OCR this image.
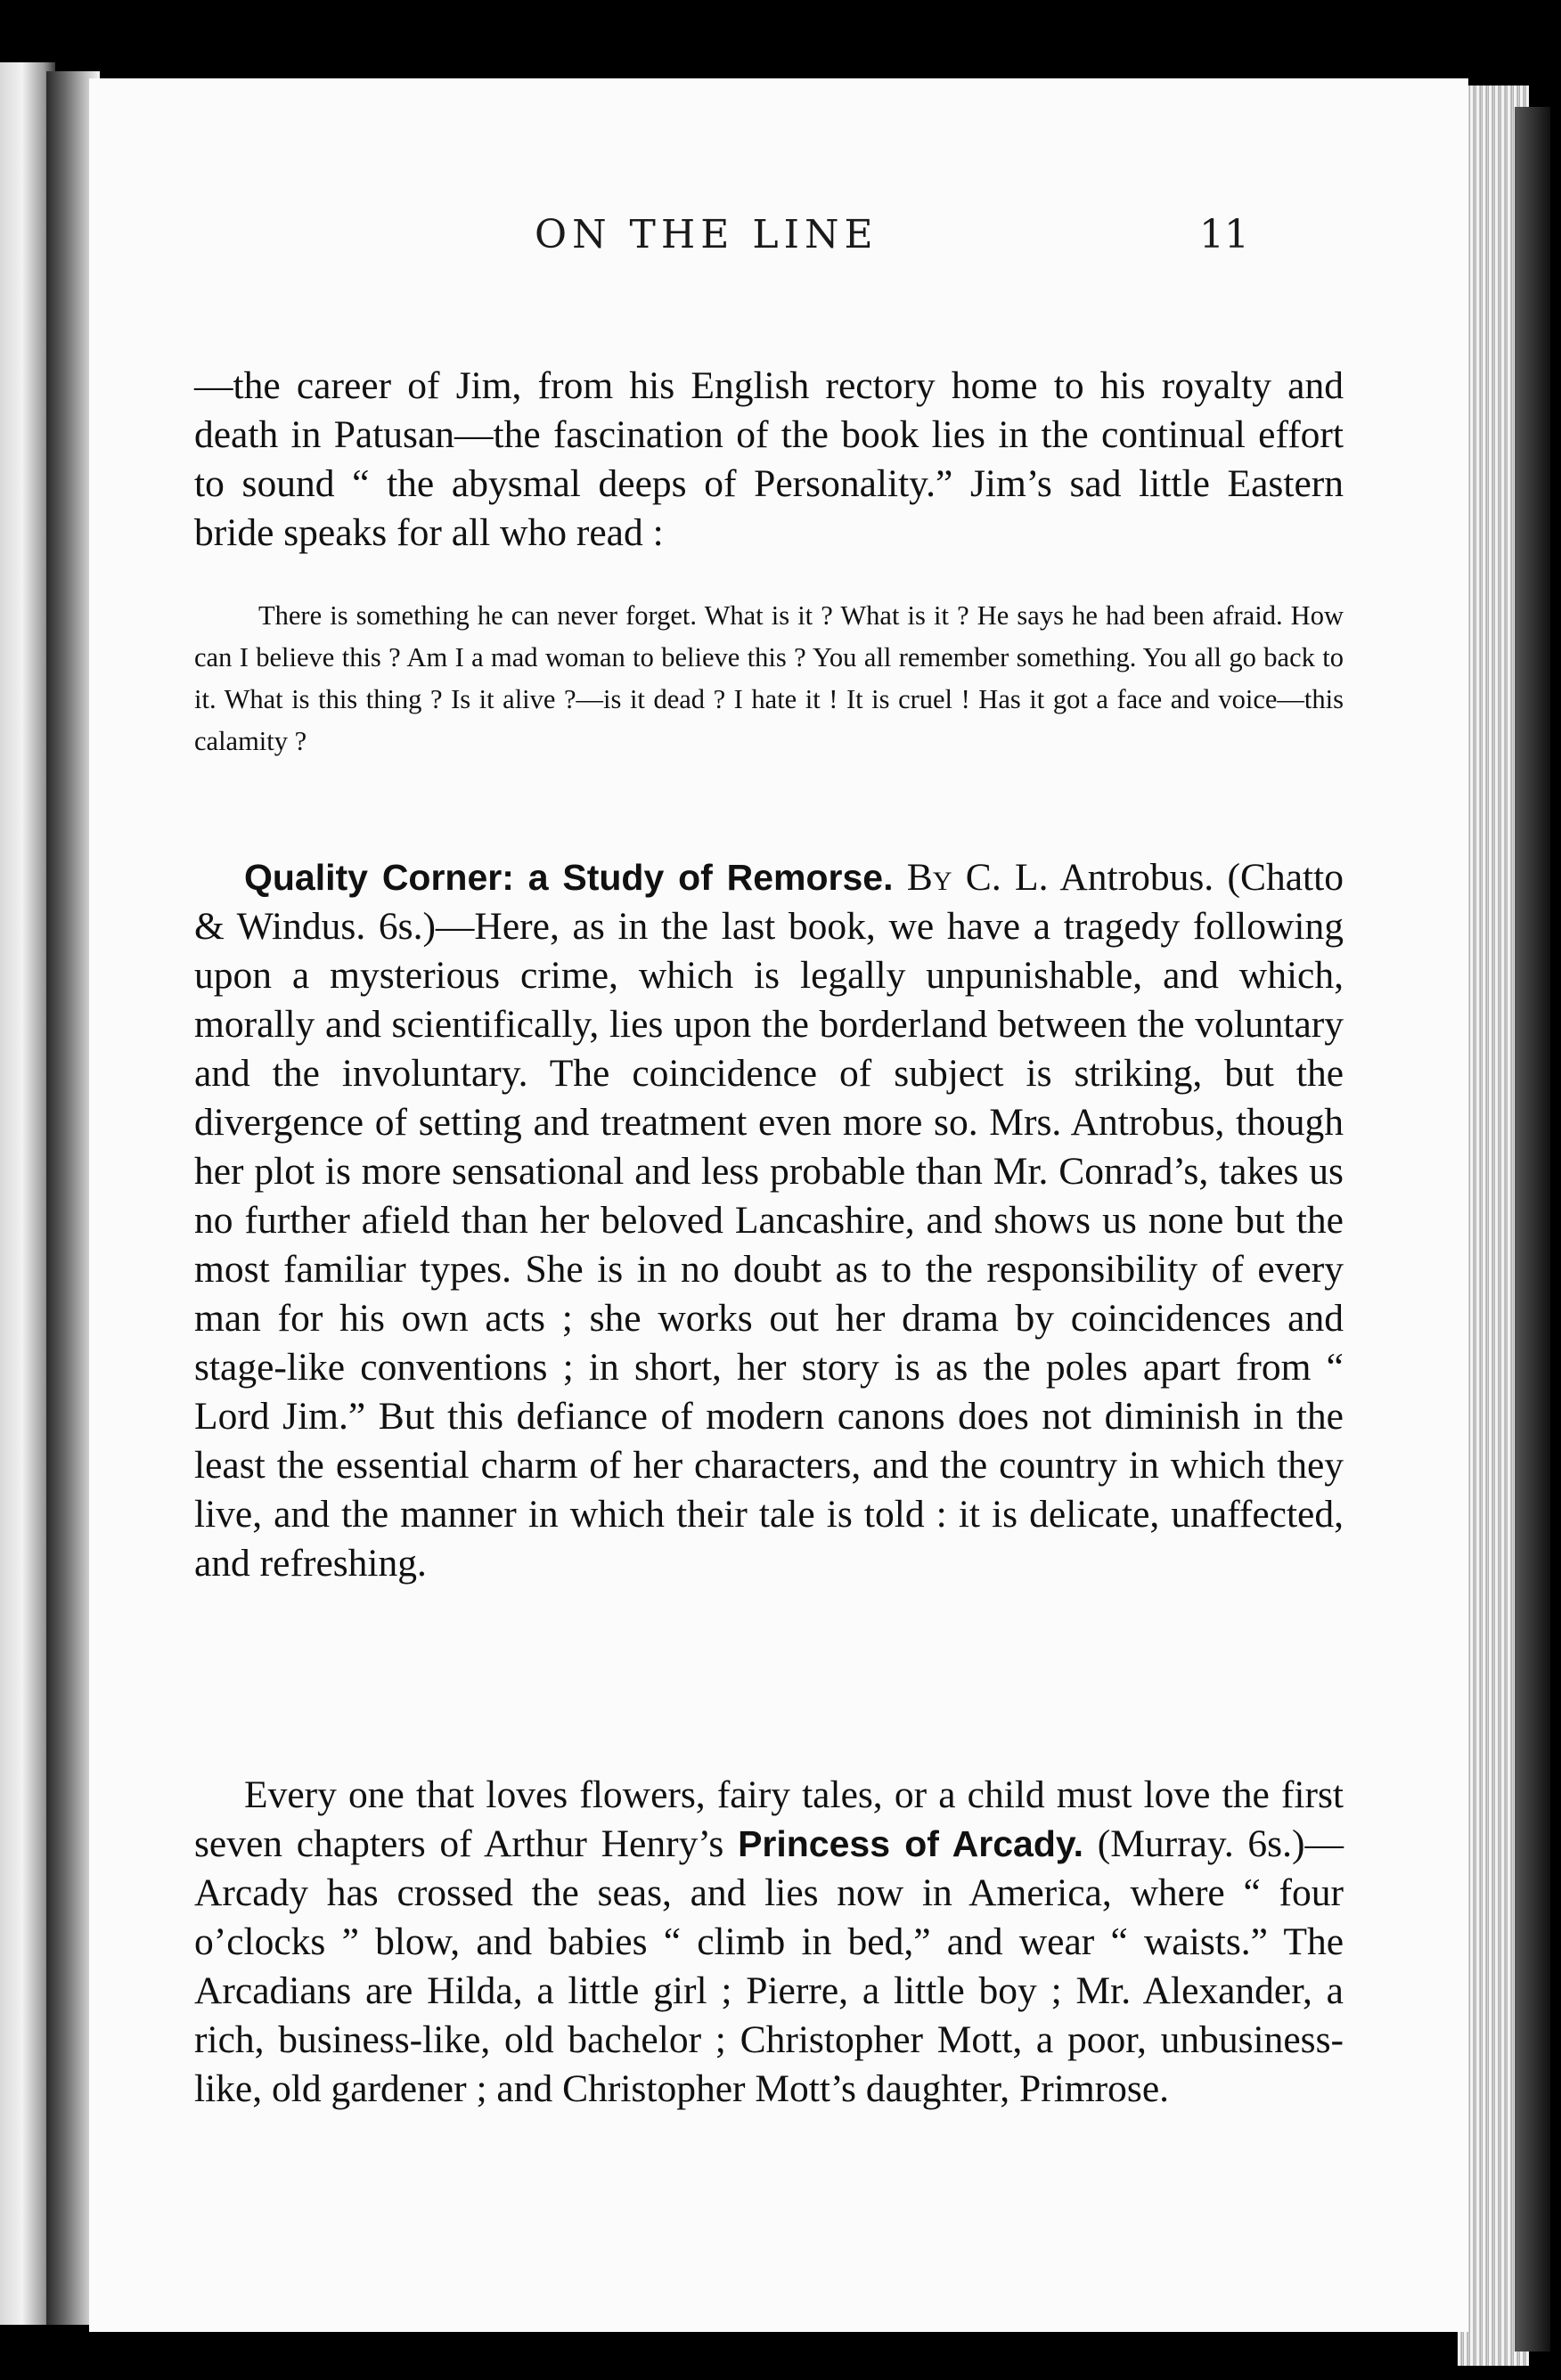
ON THE LINE	11

—the career of Jim, from his English rectory home to his royalty and death in Patusan—the fascination of the book lies in the continual effort to sound “ the abysmal deeps of Personality.” Jim’s sad little Eastern bride speaks for all who read :

There is something he can never forget. What is it ? What is it ? He says he had been afraid. How can I believe this ? Am I a mad woman to believe this ? You all remember something. You all go back to it. What is this thing ? Is it alive ?—is it dead ? I hate it ! It is cruel ! Has it got a face and voice—this calamity ?

Quality Corner: a Study of Remorse. By C. L. Antrobus. (Chatto & Windus. 6s.)—Here, as in the last book, we have a tragedy following upon a mysterious crime, which is legally unpunishable, and which, morally and scientifically, lies upon the borderland between the voluntary and the involuntary. The coincidence of subject is striking, but the divergence of setting and treatment even more so. Mrs. Antrobus, though her plot is more sensational and less probable than Mr. Conrad’s, takes us no further afield than her beloved Lancashire, and shows us none but the most familiar types. She is in no doubt as to the responsibility of every man for his own acts ; she works out her drama by coincidences and stage-like conventions ; in short, her story is as the poles apart from “ Lord Jim.” But this defiance of modern canons does not diminish in the least the essential charm of her characters, and the country in which they live, and the manner in which their tale is told : it is delicate, unaffected, and refreshing.

Every one that loves flowers, fairy tales, or a child must love the first seven chapters of Arthur Henry’s Princess of Arcady. (Murray. 6s.)—Arcady has crossed the seas, and lies now in America, where “ four o’clocks ” blow, and babies “ climb in bed,” and wear “ waists.” The Arcadians are Hilda, a little girl ; Pierre, a little boy ; Mr. Alexander, a rich, business-like, old bachelor ; Christopher Mott, a poor, unbusiness-like, old gardener ; and Christopher Mott’s daughter, Primrose.
